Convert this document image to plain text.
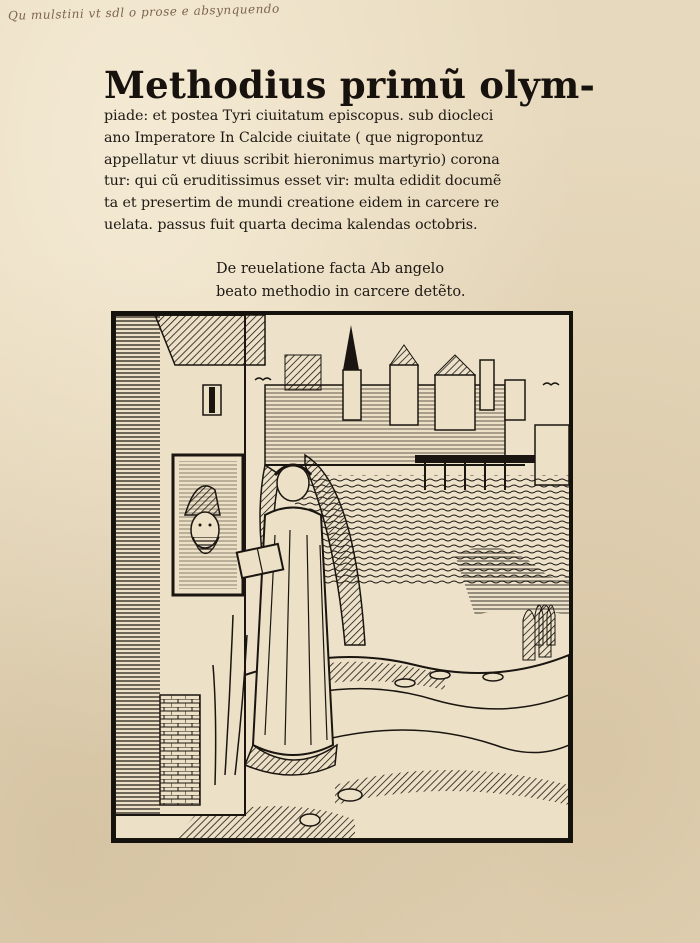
Qu mulstini vt sdl o prose e absynquendo

Methodius primũ olym-

piade: et postea Tyri ciuitatum episcopus. sub diocleci

ano Imperatore In Calcide ciuitate ( que nigropontuz

appellatur vt diuus scribit hieronimus martyrio) corona

tur: qui cũ eruditissimus esset vir: multa edidit documẽ

ta et presertim de mundi creatione eidem in carcere re

uelata. passus fuit quarta decima kalendas octobris.

De reuelatione facta Ab angelo

beato methodio in carcere detẽto.
